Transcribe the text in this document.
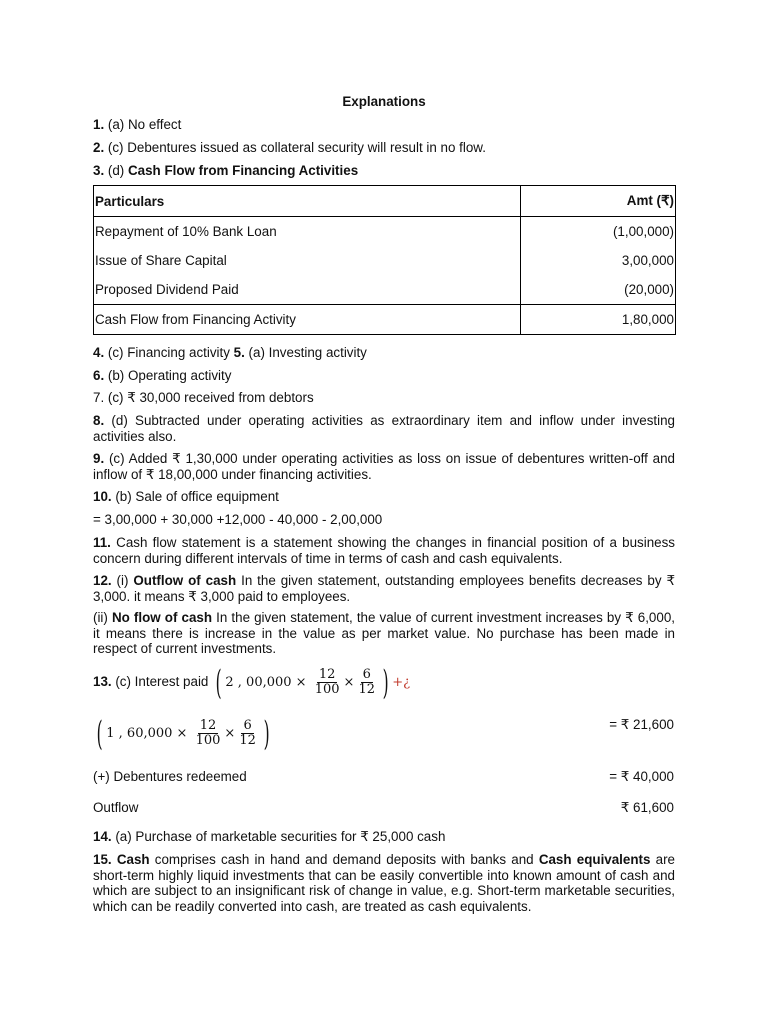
Explanations
1. (a) No effect
2. (c) Debentures issued as collateral security will result in no flow.
3. (d) Cash Flow from Financing Activities
Particulars	Amt (₹)
Repayment of 10% Bank Loan	(1,00,000)
Issue of Share Capital	3,00,000
Proposed Dividend Paid	(20,000)
Cash Flow from Financing Activity	1,80,000
4. (c) Financing activity 5. (a) Investing activity
6. (b) Operating activity
7. (c) ₹ 30,000 received from debtors
8. (d) Subtracted under operating activities as extraordinary item and inflow under investing activities also.
9. (c) Added ₹ 1,30,000 under operating activities as loss on issue of debentures written-off and inflow of ₹ 18,00,000 under financing activities.
10. (b) Sale of office equipment
= 3,00,000 + 30,000 +12,000 - 40,000 - 2,00,000
11. Cash flow statement is a statement showing the changes in financial position of a business concern during different intervals of time in terms of cash and cash equivalents.
12. (i) Outflow of cash In the given statement, outstanding employees benefits decreases by ₹ 3,000. it means ₹ 3,000 paid to employees.
(ii) No flow of cash In the given statement, the value of current investment increases by ₹ 6,000, it means there is increase in the value as per market value. No purchase has been made in respect of current investments.
13. (c) Interest paid ( 2 , $00,000 \times \frac{12}{100} \times \frac{6}{12}$ ) +¿
( 1 , $60,000 \times \frac{12}{100} \times \frac{6}{12}$ )	= ₹ 21,600
(+) Debentures redeemed	= ₹ 40,000
Outflow	₹ 61,600
14. (a) Purchase of marketable securities for ₹ 25,000 cash
15. Cash comprises cash in hand and demand deposits with banks and Cash equivalents are short-term highly liquid investments that can be easily convertible into known amount of cash and which are subject to an insignificant risk of change in value, e.g. Short-term marketable securities, which can be readily converted into cash, are treated as cash equivalents.
